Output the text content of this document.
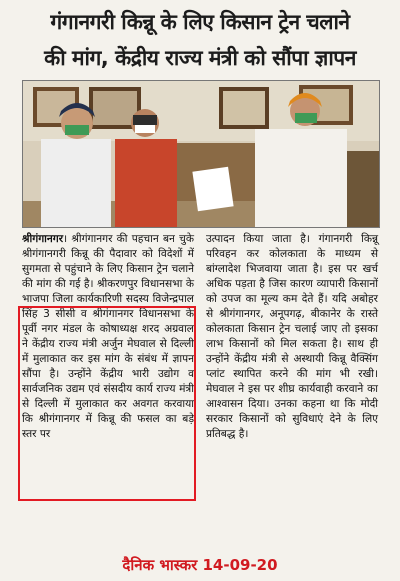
गंगानगरी किन्नू के लिए किसान ट्रेन चलाने
की मांग, केंद्रीय राज्य मंत्री को सौंपा ज्ञापन
श्रीगंगानगर। श्रीगंगानगर की पहचान बन चुके श्रीगंगानगरी किन्नू की पैदावार को विदेशों में सुगमता से पहुंचाने के लिए किसान ट्रेन चलाने की मांग की गई है। श्रीकरणपुर विधानसभा के भाजपा जिला कार्यकारिणी सदस्य विजेन्द्रपाल सिंह 3 सीसी व श्रीगंगानगर विधानसभा के पूर्वी नगर मंडल के कोषाध्यक्ष शरद अग्रवाल ने केंद्रीय राज्य मंत्री अर्जुन मेघवाल से दिल्ली में मुलाकात कर इस मांग के संबंध में ज्ञापन सौंपा है। उन्होंने केंद्रीय भारी उद्योग व सार्वजनिक उद्यम एवं संसदीय कार्य राज्य मंत्री से दिल्ली में मुलाकात कर अवगत करवाया कि श्रीगंगानगर में किन्नू की फसल का बड़े स्तर पर
उत्पादन किया जाता है। गंगानगरी किन्नू परिवहन कर कोलकाता के माध्यम से बांग्लादेश भिजवाया जाता है। इस पर खर्च अधिक पड़ता है जिस कारण व्यापारी किसानों को उपज का मूल्य कम देते हैं। यदि अबोहर से श्रीगंगानगर, अनूपगढ़, बीकानेर के रास्ते कोलकाता किसान ट्रेन चलाई जाए तो इसका लाभ किसानों को मिल सकता है। साथ ही उन्होंने केंद्रीय मंत्री से अस्थायी किन्नू वैक्सिंग प्लांट स्थापित करने की मांग भी रखी। मेघवाल ने इस पर शीघ्र कार्यवाही करवाने का आश्वासन दिया। उनका कहना था कि मोदी सरकार किसानों को सुविधाएं देने के लिए प्रतिबद्ध है।
दैनिक भास्कर 14-09-20
